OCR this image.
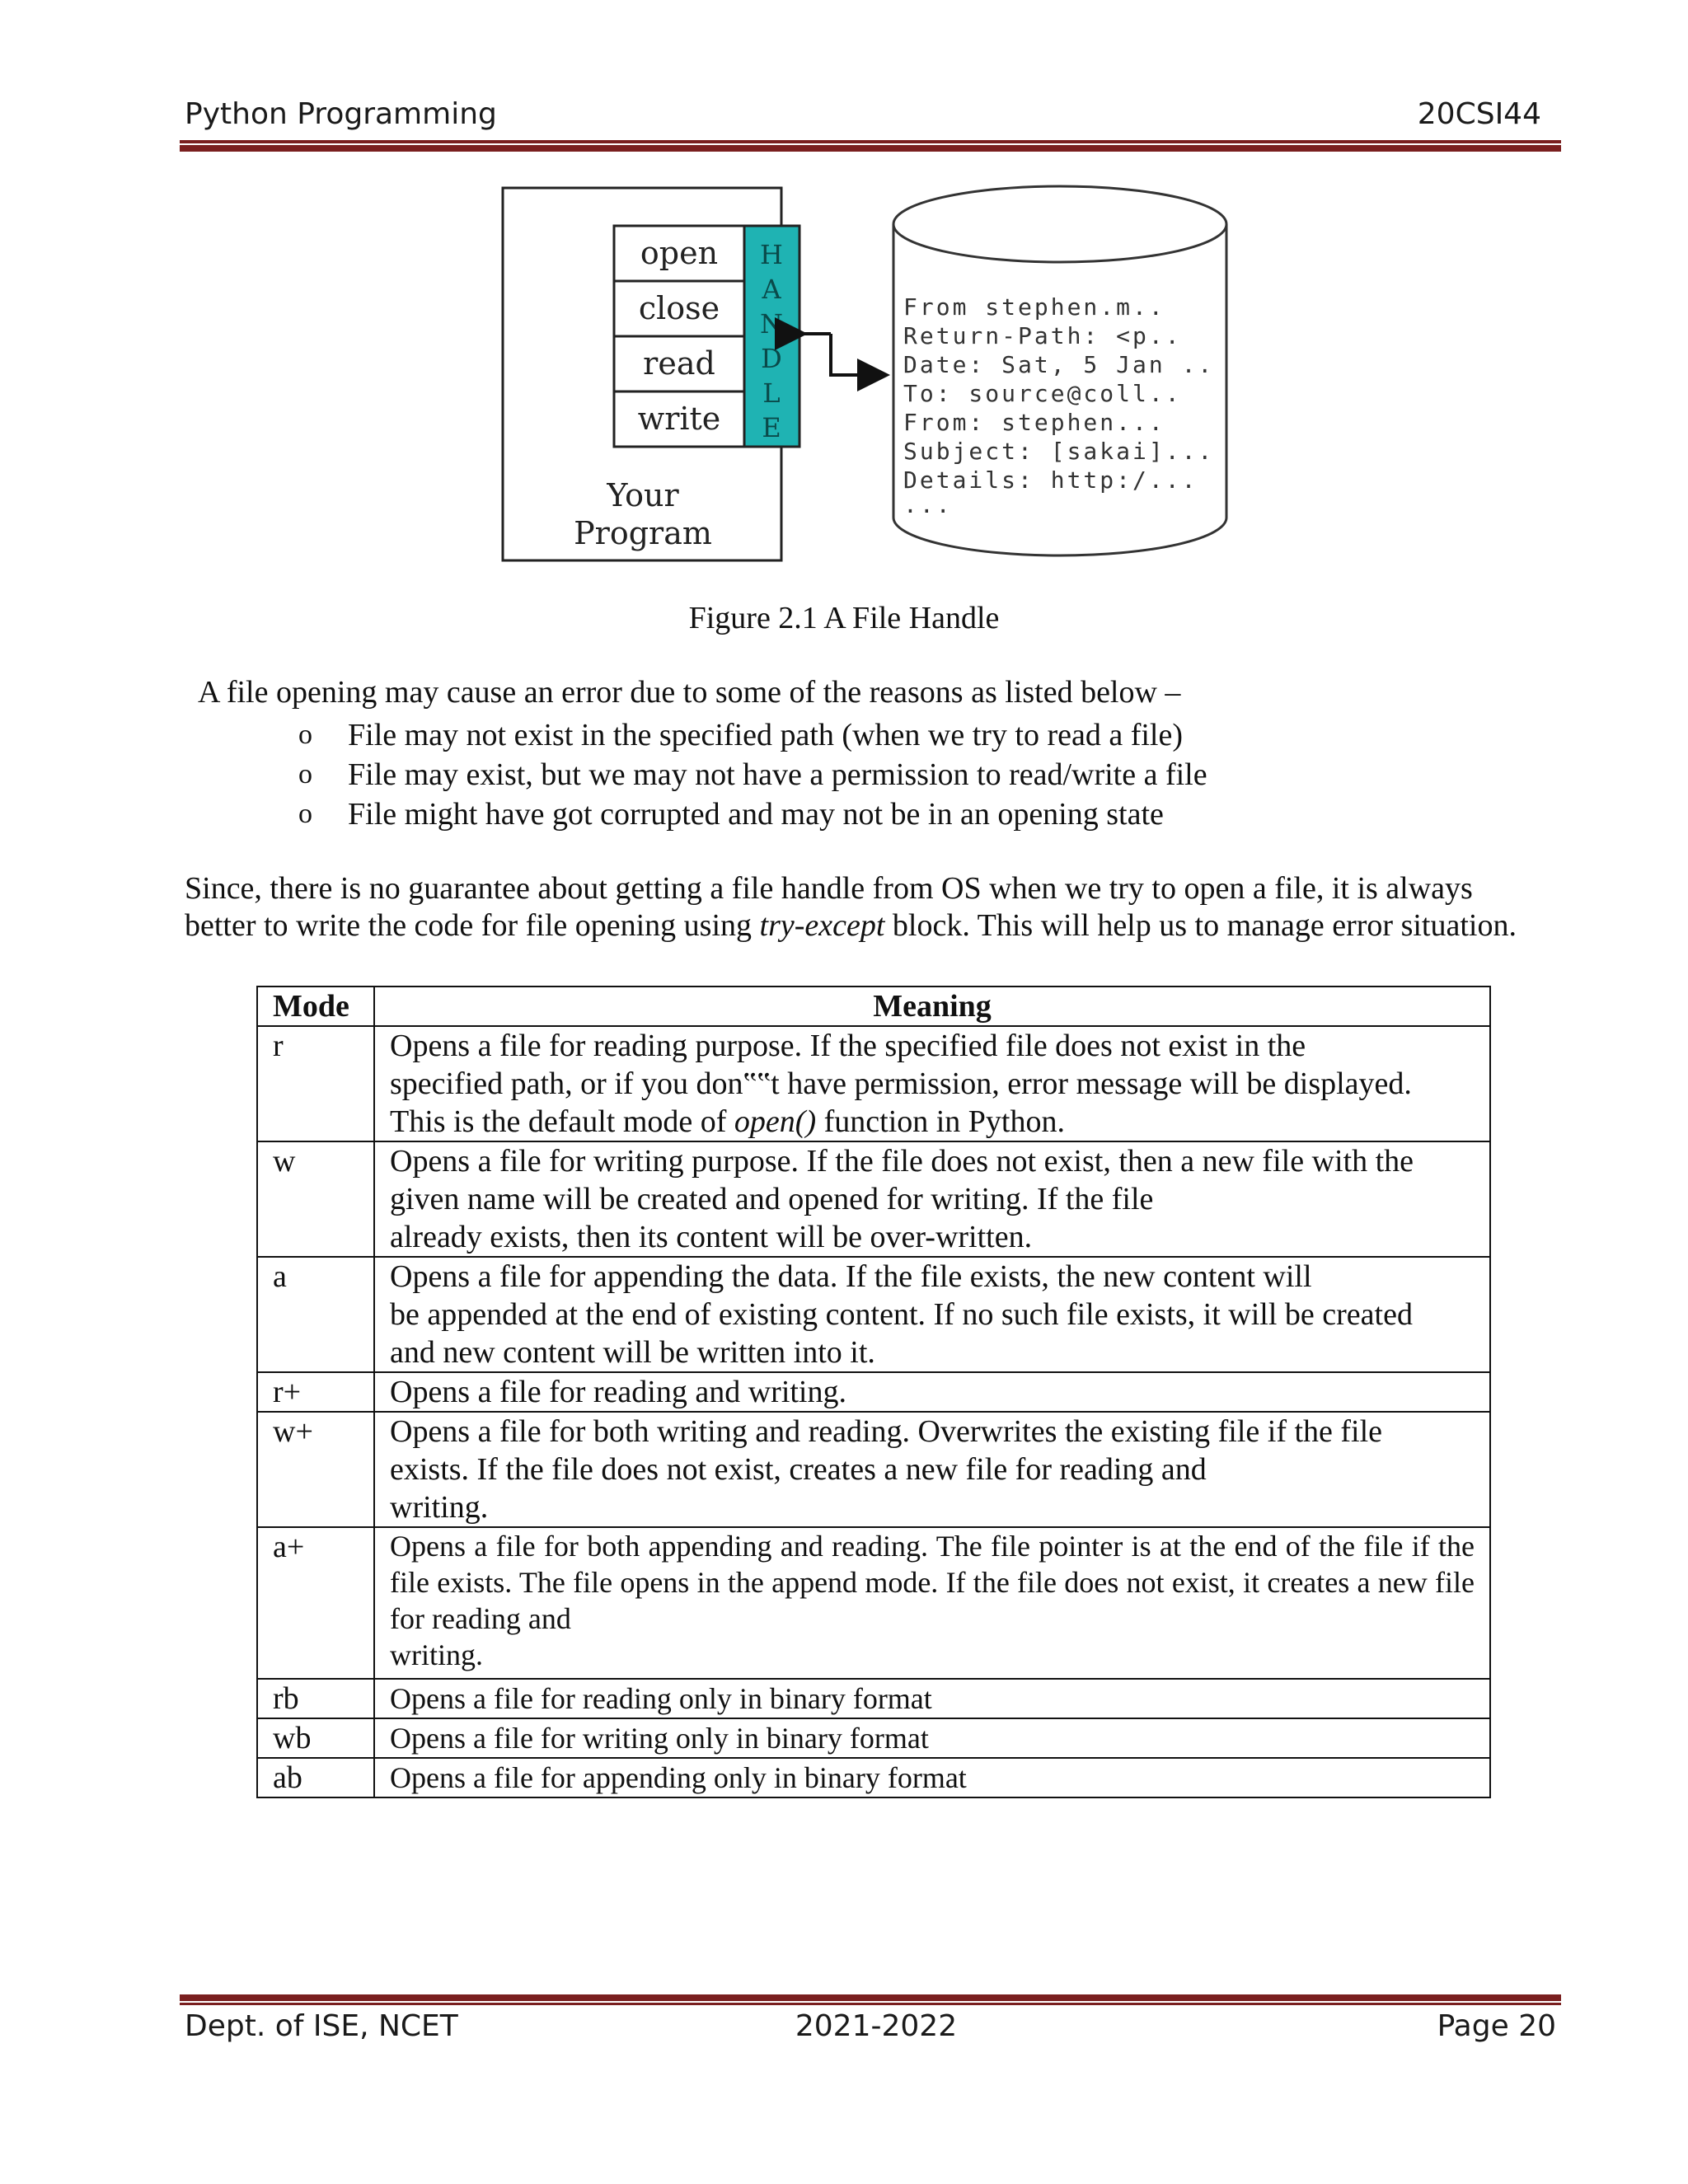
Python Programming	20CSI44
open
close
read
write
H
A
N
D
L
E
Your
Program
From stephen.m..
Return-Path: <p..
Date: Sat, 5 Jan ..
To: source@coll..
From: stephen...
Subject: [sakai]...
Details: http:/...
...
Figure 2.1 A File Handle
A file opening may cause an error due to some of the reasons as listed below –
o File may not exist in the specified path (when we try to read a file)
o File may exist, but we may not have a permission to read/write a file
o File might have got corrupted and may not be in an opening state
Since, there is no guarantee about getting a file handle from OS when we try to open a file, it is always better to write the code for file opening using try-except block. This will help us to manage error situation.
Mode	Meaning
r	Opens a file for reading purpose. If the specified file does not exist in the
specified path, or if you don‟‟t have permission, error message will be displayed.
This is the default mode of open() function in Python.

w	Opens a file for writing purpose. If the file does not exist, then a new file with the
given name will be created and opened for writing. If the file
already exists, then its content will be over-written.

a	Opens a file for appending the data. If the file exists, the new content will
be appended at the end of existing content. If no such file exists, it will be created
and new content will be written into it.

r+	Opens a file for reading and writing.

w+	Opens a file for both writing and reading. Overwrites the existing file if the file
exists. If the file does not exist, creates a new file for reading and
writing.

a+	Opens a file for both appending and reading. The file pointer is at the end of the file if the file exists. The file opens in the append mode. If the file does not exist, it creates a new file for reading and
writing.

rb	Opens a file for reading only in binary format

wb	Opens a file for writing only in binary format

ab	Opens a file for appending only in binary format
Dept. of ISE, NCET	2021-2022	Page 20
